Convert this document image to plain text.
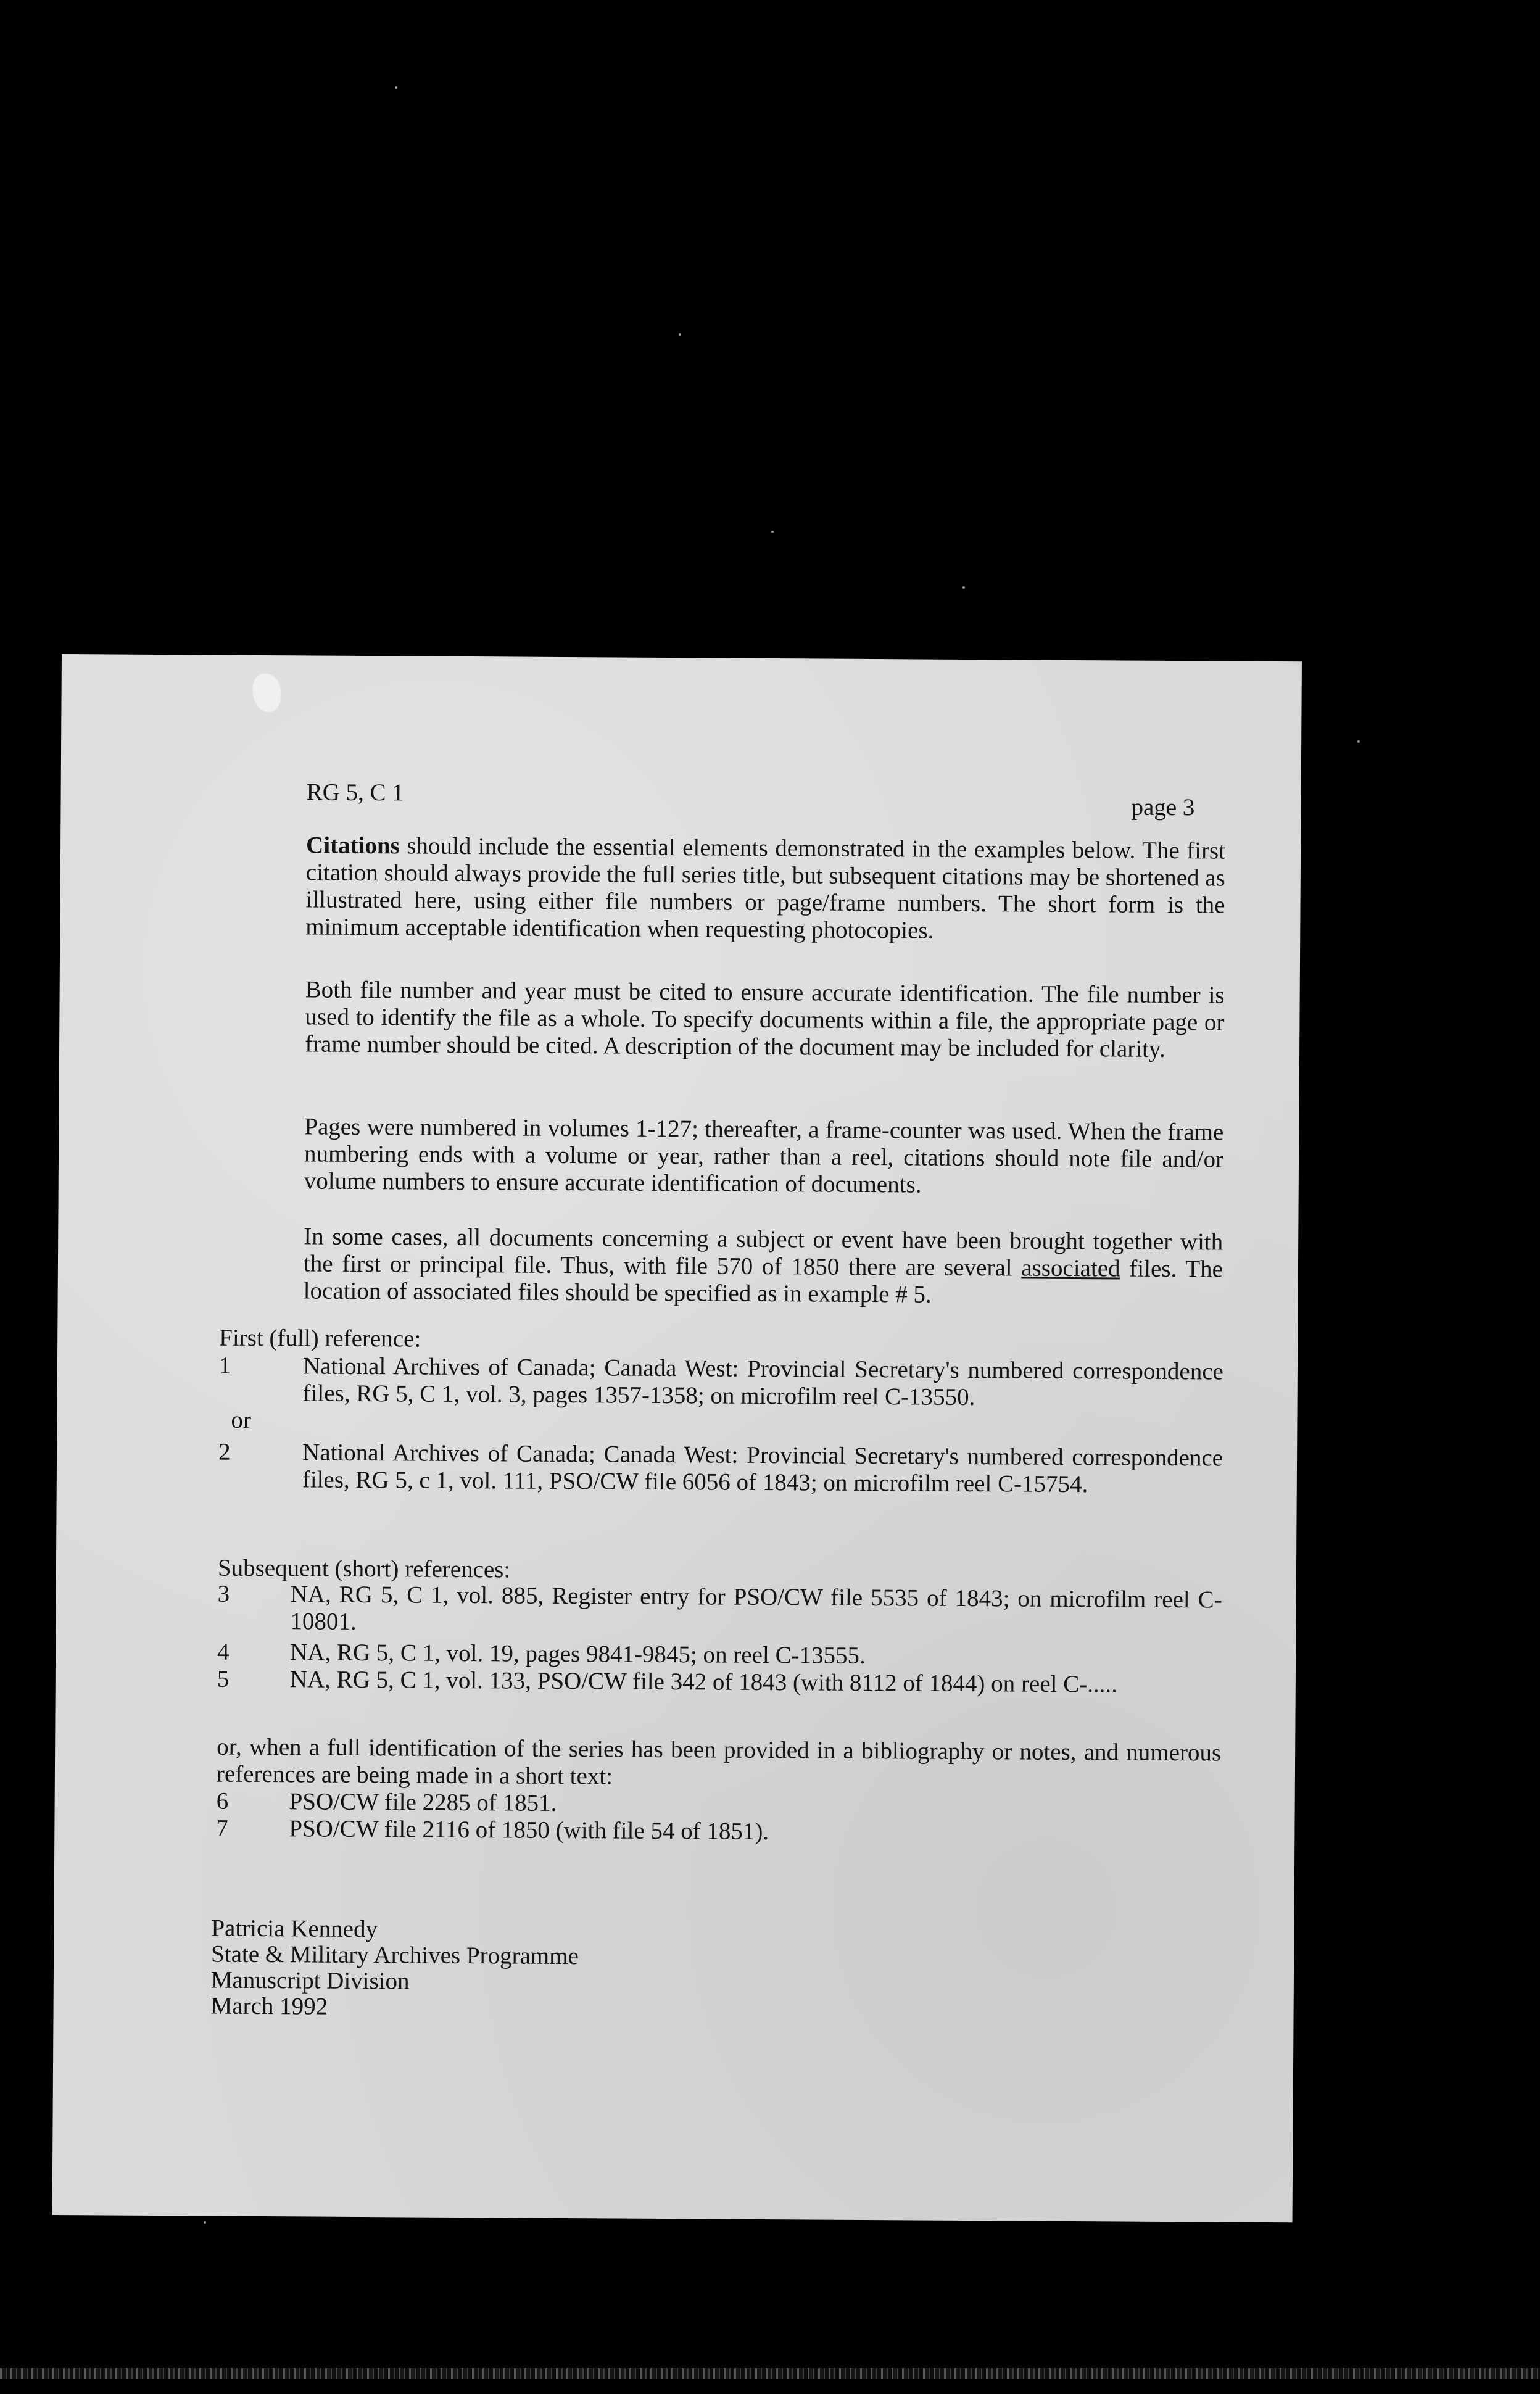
RG 5, C 1
page 3
Citations should include the essential elements demonstrated in the examples below. The first citation should always provide the full series title, but subsequent citations may be shortened as illustrated here, using either file numbers or page/frame numbers. The short form is the minimum acceptable identification when requesting photocopies.
Both file number and year must be cited to ensure accurate identification. The file number is used to identify the file as a whole. To specify documents within a file, the appropriate page or frame number should be cited. A description of the document may be included for clarity.
Pages were numbered in volumes 1-127; thereafter, a frame-counter was used. When the frame numbering ends with a volume or year, rather than a reel, citations should note file and/or volume numbers to ensure accurate identification of documents.
In some cases, all documents concerning a subject or event have been brought together with the first or principal file. Thus, with file 570 of 1850 there are several associated files. The location of associated files should be specified as in example # 5.
First (full) reference:
1	National Archives of Canada; Canada West: Provincial Secretary's numbered correspondence files, RG 5, C 1, vol. 3, pages 1357-1358; on microfilm reel C-13550.
or
2	National Archives of Canada; Canada West: Provincial Secretary's numbered correspondence files, RG 5, c 1, vol. 111, PSO/CW file 6056 of 1843; on microfilm reel C-15754.
Subsequent (short) references:
3	NA, RG 5, C 1, vol. 885, Register entry for PSO/CW file 5535 of 1843; on microfilm reel C-10801.
4	NA, RG 5, C 1, vol. 19, pages 9841-9845; on reel C-13555.
5	NA, RG 5, C 1, vol. 133, PSO/CW file 342 of 1843 (with 8112 of 1844) on reel C-.....
or, when a full identification of the series has been provided in a bibliography or notes, and numerous references are being made in a short text:
6	PSO/CW file 2285 of 1851.
7	PSO/CW file 2116 of 1850 (with file 54 of 1851).
Patricia Kennedy
State & Military Archives Programme
Manuscript Division
March 1992
